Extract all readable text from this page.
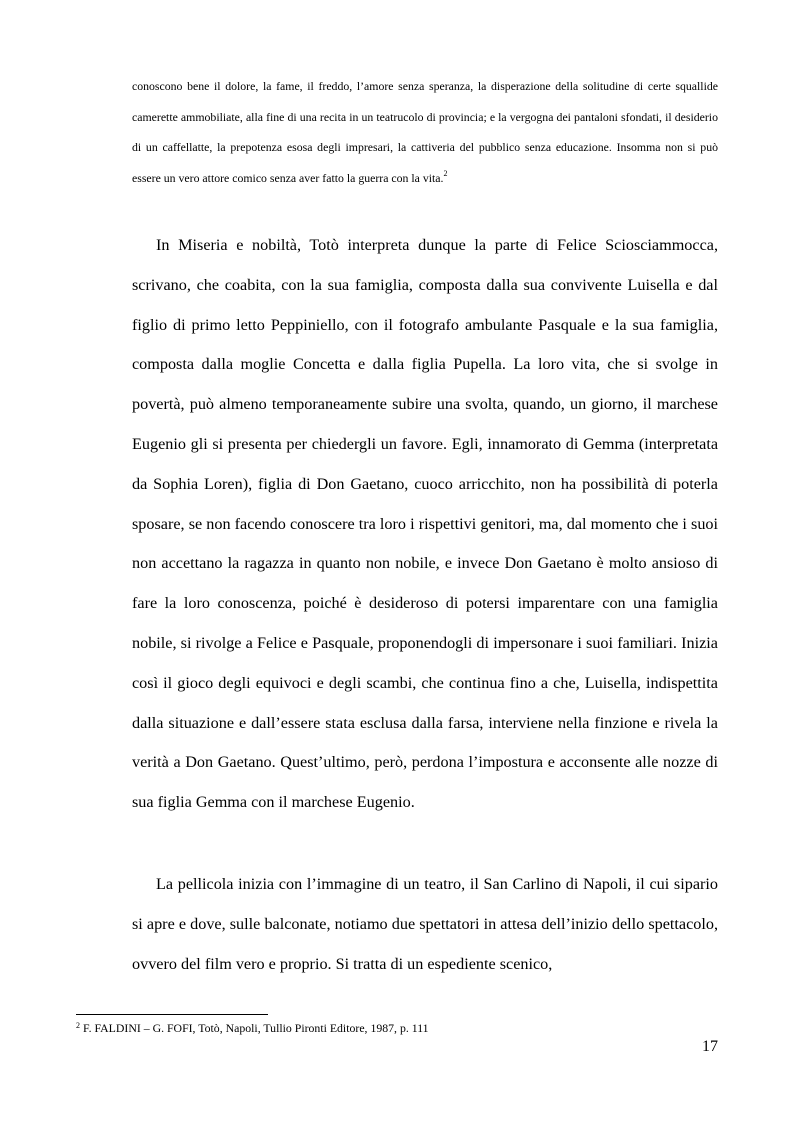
conoscono bene il dolore, la fame, il freddo, l’amore senza speranza, la disperazione della solitudine di certe squallide camerette ammobiliate, alla fine di una recita in un teatrucolo di provincia; e la vergogna dei pantaloni sfondati, il desiderio di un caffellatte, la prepotenza esosa degli impresari, la cattiveria del pubblico senza educazione. Insomma non si può essere un vero attore comico senza aver fatto la guerra con la vita.$^2$

In Miseria e nobiltà, Totò interpreta dunque la parte di Felice Sciosciammocca, scrivano, che coabita, con la sua famiglia, composta dalla sua convivente Luisella e dal figlio di primo letto Peppiniello, con il fotografo ambulante Pasquale e la sua famiglia, composta dalla moglie Concetta e dalla figlia Pupella. La loro vita, che si svolge in povertà, può almeno temporaneamente subire una svolta, quando, un giorno, il marchese Eugenio gli si presenta per chiedergli un favore. Egli, innamorato di Gemma (interpretata da Sophia Loren), figlia di Don Gaetano, cuoco arricchito, non ha possibilità di poterla sposare, se non facendo conoscere tra loro i rispettivi genitori, ma, dal momento che i suoi non accettano la ragazza in quanto non nobile, e invece Don Gaetano è molto ansioso di fare la loro conoscenza, poiché è desideroso di potersi imparentare con una famiglia nobile, si rivolge a Felice e Pasquale, proponendogli di impersonare i suoi familiari. Inizia così il gioco degli equivoci e degli scambi, che continua fino a che, Luisella, indispettita dalla situazione e dall’essere stata esclusa dalla farsa, interviene nella finzione e rivela la verità a Don Gaetano. Quest’ultimo, però, perdona l’impostura e acconsente alle nozze di sua figlia Gemma con il marchese Eugenio.

La pellicola inizia con l’immagine di un teatro, il San Carlino di Napoli, il cui sipario si apre e dove, sulle balconate, notiamo due spettatori in attesa dell’inizio dello spettacolo, ovvero del film vero e proprio. Si tratta di un espediente scenico,

$^2$ F. FALDINI – G. FOFI, Totò, Napoli, Tullio Pironti Editore, 1987, p. 111

17
